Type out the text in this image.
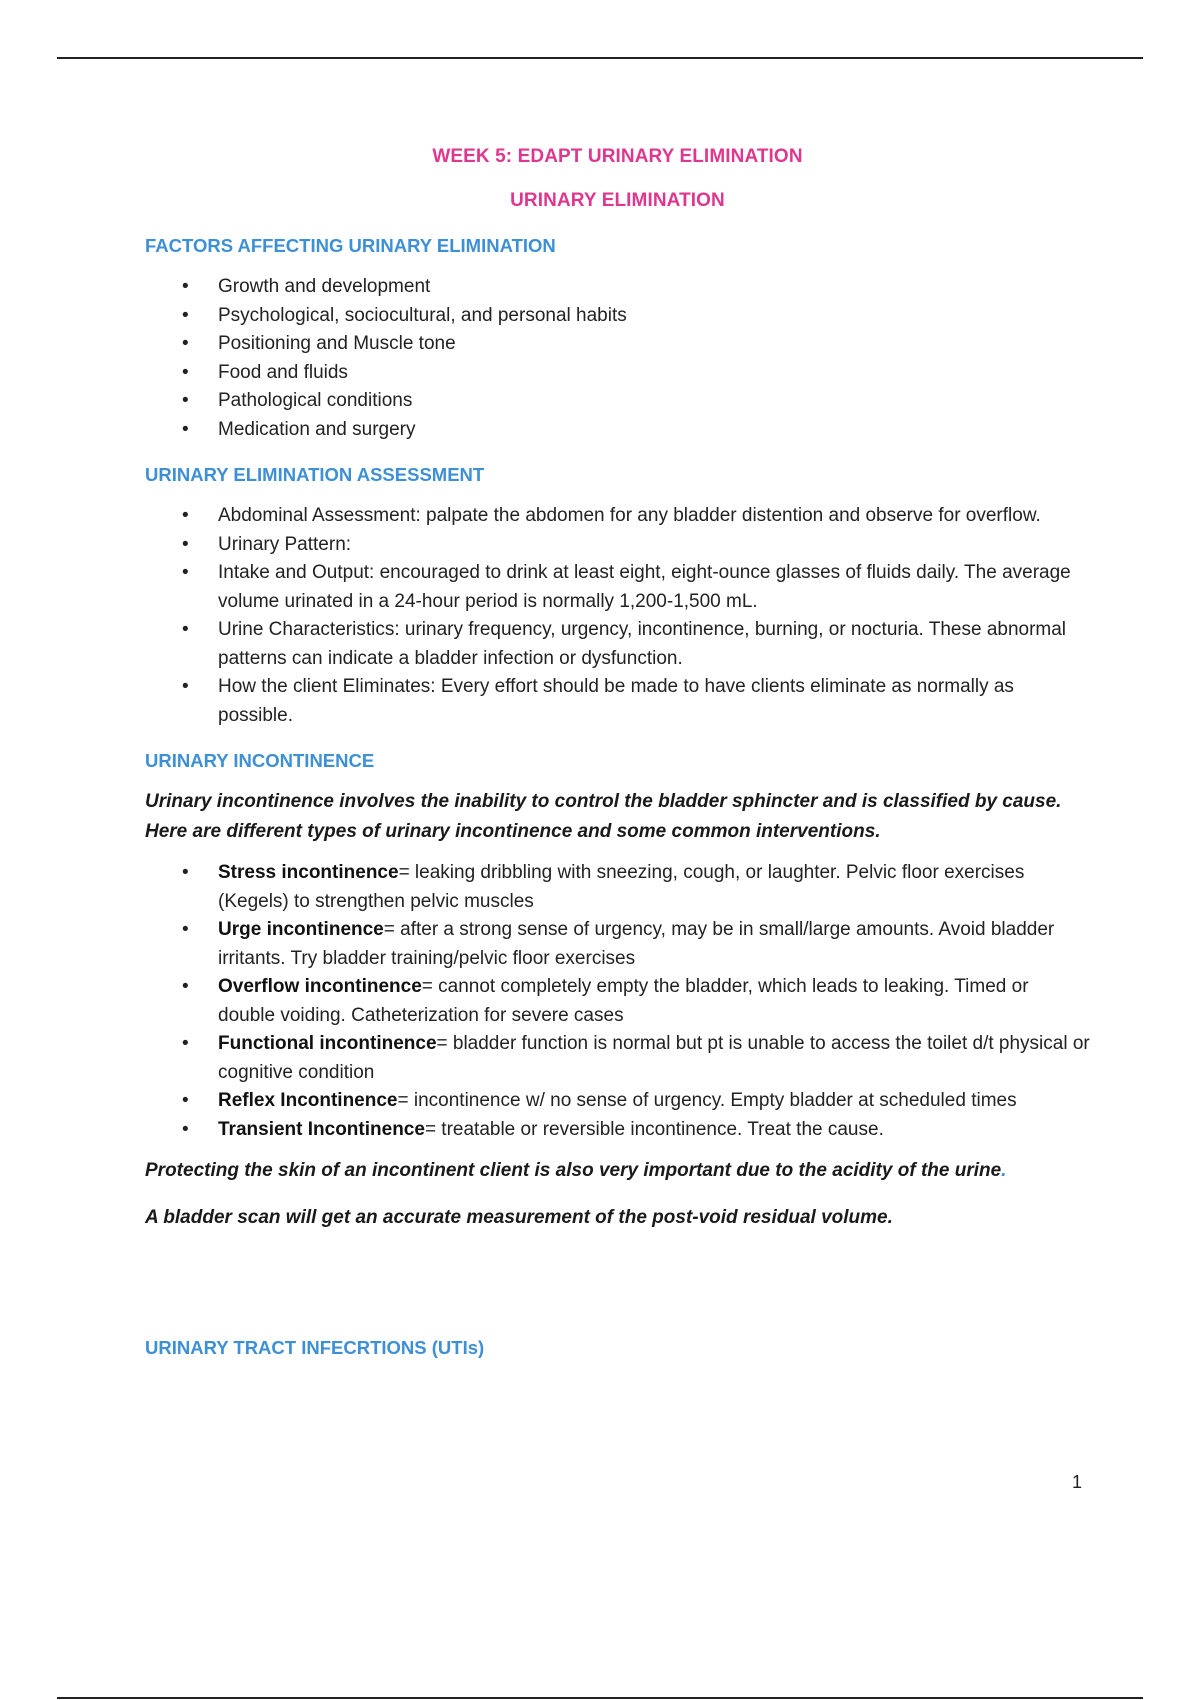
WEEK 5: EDAPT URINARY ELIMINATION

URINARY ELIMINATION

FACTORS AFFECTING URINARY ELIMINATION

• Growth and development
• Psychological, sociocultural, and personal habits
• Positioning and Muscle tone
• Food and fluids
• Pathological conditions
• Medication and surgery

URINARY ELIMINATION ASSESSMENT

• Abdominal Assessment: palpate the abdomen for any bladder distention and observe for overflow.
• Urinary Pattern:
• Intake and Output: encouraged to drink at least eight, eight-ounce glasses of fluids daily. The average volume urinated in a 24-hour period is normally 1,200-1,500 mL.
• Urine Characteristics: urinary frequency, urgency, incontinence, burning, or nocturia. These abnormal patterns can indicate a bladder infection or dysfunction.
• How the client Eliminates: Every effort should be made to have clients eliminate as normally as possible.

URINARY INCONTINENCE

Urinary incontinence involves the inability to control the bladder sphincter and is classified by cause. Here are different types of urinary incontinence and some common interventions.

• Stress incontinence= leaking dribbling with sneezing, cough, or laughter. Pelvic floor exercises (Kegels) to strengthen pelvic muscles
• Urge incontinence= after a strong sense of urgency, may be in small/large amounts. Avoid bladder irritants. Try bladder training/pelvic floor exercises
• Overflow incontinence= cannot completely empty the bladder, which leads to leaking. Timed or double voiding. Catheterization for severe cases
• Functional incontinence= bladder function is normal but pt is unable to access the toilet d/t physical or cognitive condition
• Reflex Incontinence= incontinence w/ no sense of urgency. Empty bladder at scheduled times
• Transient Incontinence= treatable or reversible incontinence. Treat the cause.

Protecting the skin of an incontinent client is also very important due to the acidity of the urine.

A bladder scan will get an accurate measurement of the post-void residual volume.

URINARY TRACT INFECRTIONS (UTIs)

1
